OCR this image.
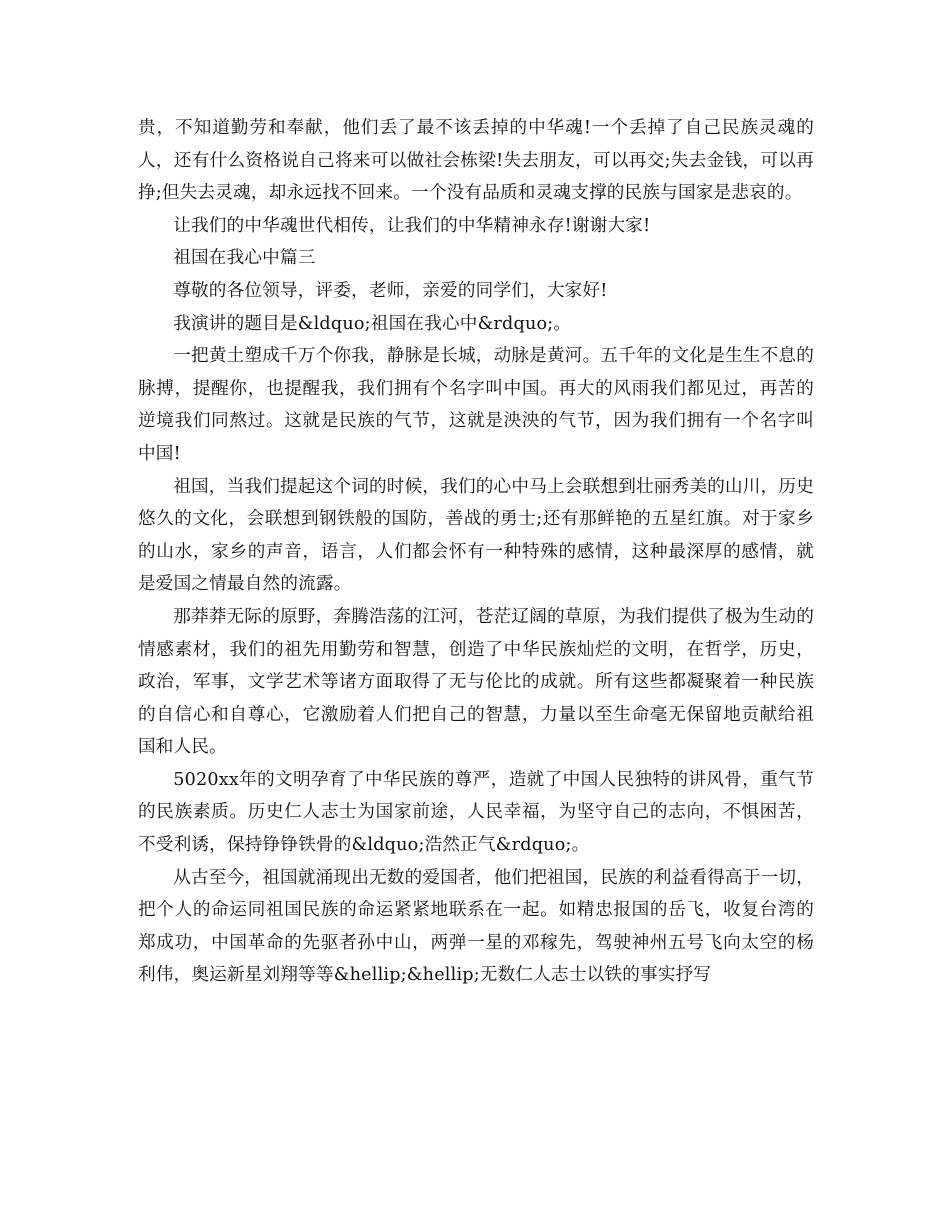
贵，不知道勤劳和奉献，他们丢了最不该丢掉的中华魂!一个丢掉了自己民族灵魂的人，还有什么资格说自己将来可以做社会栋梁!失去朋友，可以再交;失去金钱，可以再挣;但失去灵魂，却永远找不回来。一个没有品质和灵魂支撑的民族与国家是悲哀的。

让我们的中华魂世代相传，让我们的中华精神永存!谢谢大家!

祖国在我心中篇三

尊敬的各位领导，评委，老师，亲爱的同学们，大家好!

我演讲的题目是&ldquo;祖国在我心中&rdquo;。

一把黄土塑成千万个你我，静脉是长城，动脉是黄河。五千年的文化是生生不息的脉搏，提醒你，也提醒我，我们拥有个名字叫中国。再大的风雨我们都见过，再苦的逆境我们同熬过。这就是民族的气节，这就是泱泱的气节，因为我们拥有一个名字叫中国!

祖国，当我们提起这个词的时候，我们的心中马上会联想到壮丽秀美的山川，历史悠久的文化，会联想到钢铁般的国防，善战的勇士;还有那鲜艳的五星红旗。对于家乡的山水，家乡的声音，语言，人们都会怀有一种特殊的感情，这种最深厚的感情，就是爱国之情最自然的流露。

那莽莽无际的原野，奔腾浩荡的江河，苍茫辽阔的草原，为我们提供了极为生动的情感素材，我们的祖先用勤劳和智慧，创造了中华民族灿烂的文明，在哲学，历史，政治，军事，文学艺术等诸方面取得了无与伦比的成就。所有这些都凝聚着一种民族的自信心和自尊心，它激励着人们把自己的智慧，力量以至生命毫无保留地贡献给祖国和人民。

5020xx年的文明孕育了中华民族的尊严，造就了中国人民独特的讲风骨，重气节的民族素质。历史仁人志士为国家前途，人民幸福，为坚守自己的志向，不惧困苦，不受利诱，保持铮铮铁骨的&ldquo;浩然正气&rdquo;。

从古至今，祖国就涌现出无数的爱国者，他们把祖国，民族的利益看得高于一切，把个人的命运同祖国民族的命运紧紧地联系在一起。如精忠报国的岳飞，收复台湾的郑成功，中国革命的先驱者孙中山，两弹一星的邓稼先，驾驶神州五号飞向太空的杨利伟，奥运新星刘翔等等&hellip;&hellip;无数仁人志士以铁的事实抒写
